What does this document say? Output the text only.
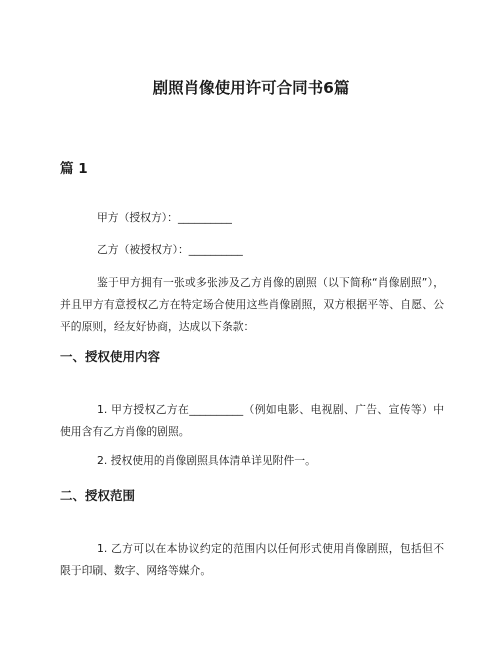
剧照肖像使用许可合同书6篇
篇 1
甲方（授权方）：__________
乙方（被授权方）：__________
鉴于甲方拥有一张或多张涉及乙方肖像的剧照（以下简称“肖像剧照”），并且甲方有意授权乙方在特定场合使用这些肖像剧照，双方根据平等、自愿、公平的原则，经友好协商，达成以下条款：
一、授权使用内容
1. 甲方授权乙方在__________（例如电影、电视剧、广告、宣传等）中使用含有乙方肖像的剧照。
2. 授权使用的肖像剧照具体清单详见附件一。
二、授权范围
1. 乙方可以在本协议约定的范围内以任何形式使用肖像剧照，包括但不限于印刷、数字、网络等媒介。
